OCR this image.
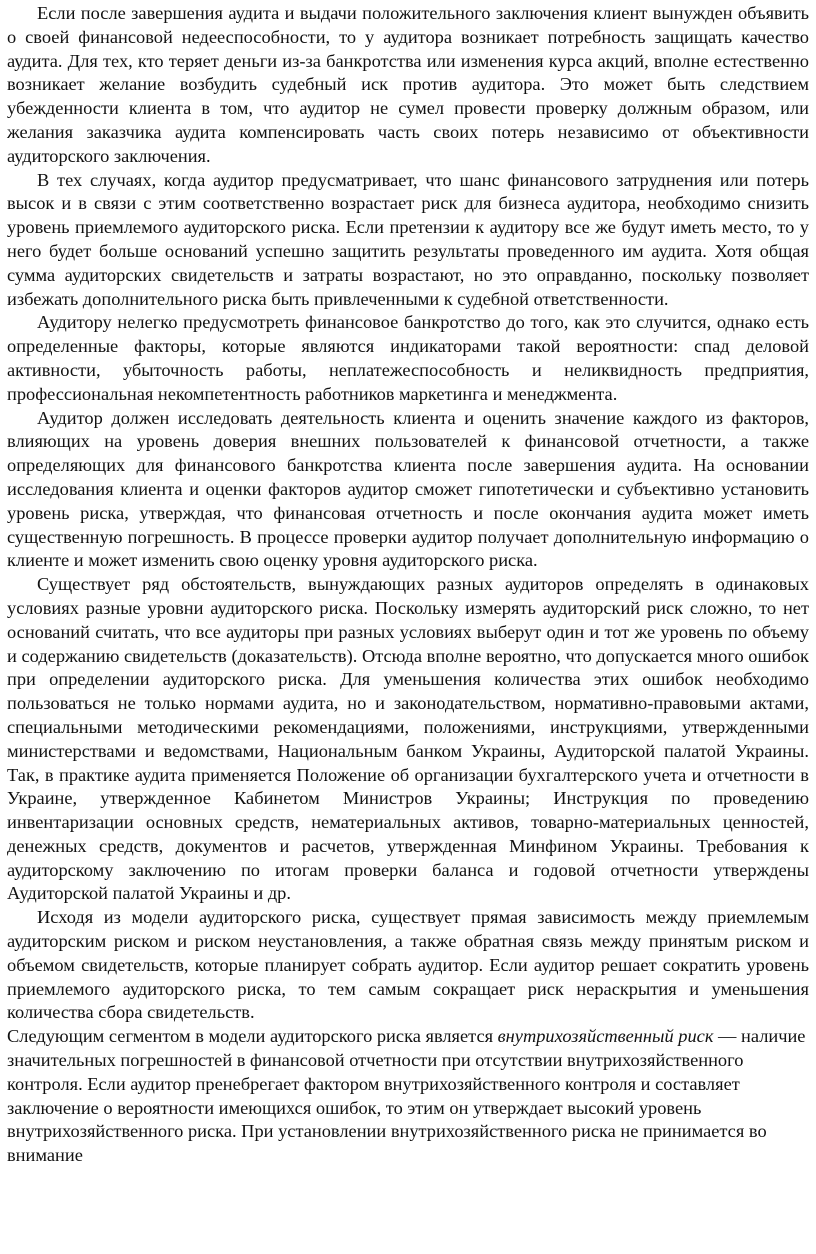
Если после завершения аудита и выдачи положительного заключения клиент вынужден объявить о своей финансовой недееспособности, то у аудитора возникает потребность защищать качество аудита. Для тех, кто теряет деньги из-за банкротства или изменения курса акций, вполне естественно возникает желание возбудить судебный иск против аудитора. Это может быть следствием убежденности клиента в том, что аудитор не сумел провести проверку должным образом, или желания заказчика аудита компенсировать часть своих потерь независимо от объективности аудиторского заключения.

В тех случаях, когда аудитор предусматривает, что шанс финансового затруднения или потерь высок и в связи с этим соответственно возрастает риск для бизнеса аудитора, необходимо снизить уровень приемлемого аудиторского риска. Если претензии к аудитору все же будут иметь место, то у него будет больше оснований успешно защитить результаты проведенного им аудита. Хотя общая сумма аудиторских свидетельств и затраты возрастают, но это оправданно, поскольку позволяет избежать дополнительного риска быть привлеченными к судебной ответственности.

Аудитору нелегко предусмотреть финансовое банкротство до того, как это случится, однако есть определенные факторы, которые являются индикаторами такой вероятности: спад деловой активности, убыточность работы, неплатежеспособность и неликвидность предприятия, профессиональная некомпетентность работников маркетинга и менеджмента.

Аудитор должен исследовать деятельность клиента и оценить значение каждого из факторов, влияющих на уровень доверия внешних пользователей к финансовой отчетности, а также определяющих для финансового банкротства клиента после завершения аудита. На основании исследования клиента и оценки факторов аудитор сможет гипотетически и субъективно установить уровень риска, утверждая, что финансовая отчетность и после окончания аудита может иметь существенную погрешность. В процессе проверки аудитор получает дополнительную информацию о клиенте и может изменить свою оценку уровня аудиторского риска.

Существует ряд обстоятельств, вынуждающих разных аудиторов определять в одинаковых условиях разные уровни аудиторского риска. Поскольку измерять аудиторский риск сложно, то нет оснований считать, что все аудиторы при разных условиях выберут один и тот же уровень по объему и содержанию свидетельств (доказательств). Отсюда вполне вероятно, что допускается много ошибок при определении аудиторского риска. Для уменьшения количества этих ошибок необходимо пользоваться не только нормами аудита, но и законодательством, нормативно-правовыми актами, специальными методическими рекомендациями, положениями, инструкциями, утвержденными министерствами и ведомствами, Национальным банком Украины, Аудиторской палатой Украины. Так, в практике аудита применяется Положение об организации бухгалтерского учета и отчетности в Украине, утвержденное Кабинетом Министров Украины; Инструкция по проведению инвентаризации основных средств, нематериальных активов, товарно-материальных ценностей, денежных средств, документов и расчетов, утвержденная Минфином Украины. Требования к аудиторскому заключению по итогам проверки баланса и годовой отчетности утверждены Аудиторской палатой Украины и др.

Исходя из модели аудиторского риска, существует прямая зависимость между приемлемым аудиторским риском и риском неустановления, а также обратная связь между принятым риском и объемом свидетельств, которые планирует собрать аудитор. Если аудитор решает сократить уровень приемлемого аудиторского риска, то тем самым сокращает риск нераскрытия и уменьшения количества сбора свидетельств.

Следующим сегментом в модели аудиторского риска является внутрихозяйственный риск — наличие значительных погрешностей в финансовой отчетности при отсутствии внутрихозяйственного контроля. Если аудитор пренебрегает фактором внутрихозяйственного контроля и составляет заключение о вероятности имеющихся ошибок, то этим он утверждает высокий уровень внутрихозяйственного риска. При установлении внутрихозяйственного риска не принимается во внимание
